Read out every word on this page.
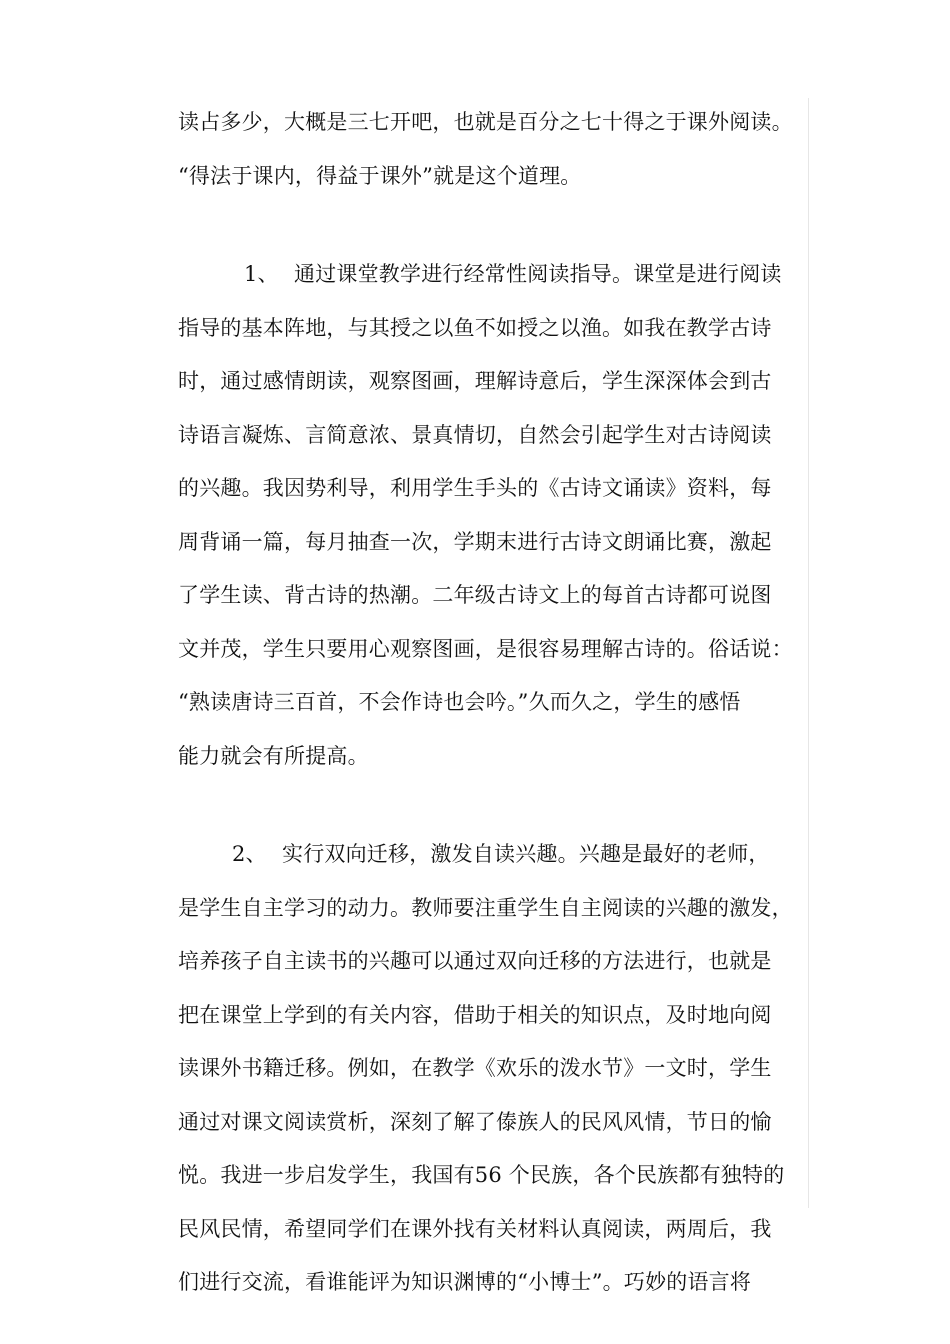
读占多少，大概是三七开吧，也就是百分之七十得之于课外阅读。
“得法于课内，得益于课外”就是这个道理。
1、 通过课堂教学进行经常性阅读指导。课堂是进行阅读
指导的基本阵地，与其授之以鱼不如授之以渔。如我在教学古诗
时，通过感情朗读，观察图画，理解诗意后，学生深深体会到古
诗语言凝炼、言简意浓、景真情切，自然会引起学生对古诗阅读
的兴趣。我因势利导，利用学生手头的《古诗文诵读》资料，每
周背诵一篇，每月抽查一次，学期末进行古诗文朗诵比赛，激起
了学生读、背古诗的热潮。二年级古诗文上的每首古诗都可说图
文并茂，学生只要用心观察图画，是很容易理解古诗的。俗话说：
“熟读唐诗三百首，不会作诗也会吟。”久而久之，学生的感悟
能力就会有所提高。
2、 实行双向迁移，激发自读兴趣。兴趣是最好的老师，
是学生自主学习的动力。教师要注重学生自主阅读的兴趣的激发，
培养孩子自主读书的兴趣可以通过双向迁移的方法进行，也就是
把在课堂上学到的有关内容，借助于相关的知识点，及时地向阅
读课外书籍迁移。例如，在教学《欢乐的泼水节》一文时，学生
通过对课文阅读赏析，深刻了解了傣族人的民风风情，节日的愉
悦。我进一步启发学生，我国有56 个民族，各个民族都有独特的
民风民情，希望同学们在课外找有关材料认真阅读，两周后，我
们进行交流，看谁能评为知识渊博的“小博士”。巧妙的语言将
